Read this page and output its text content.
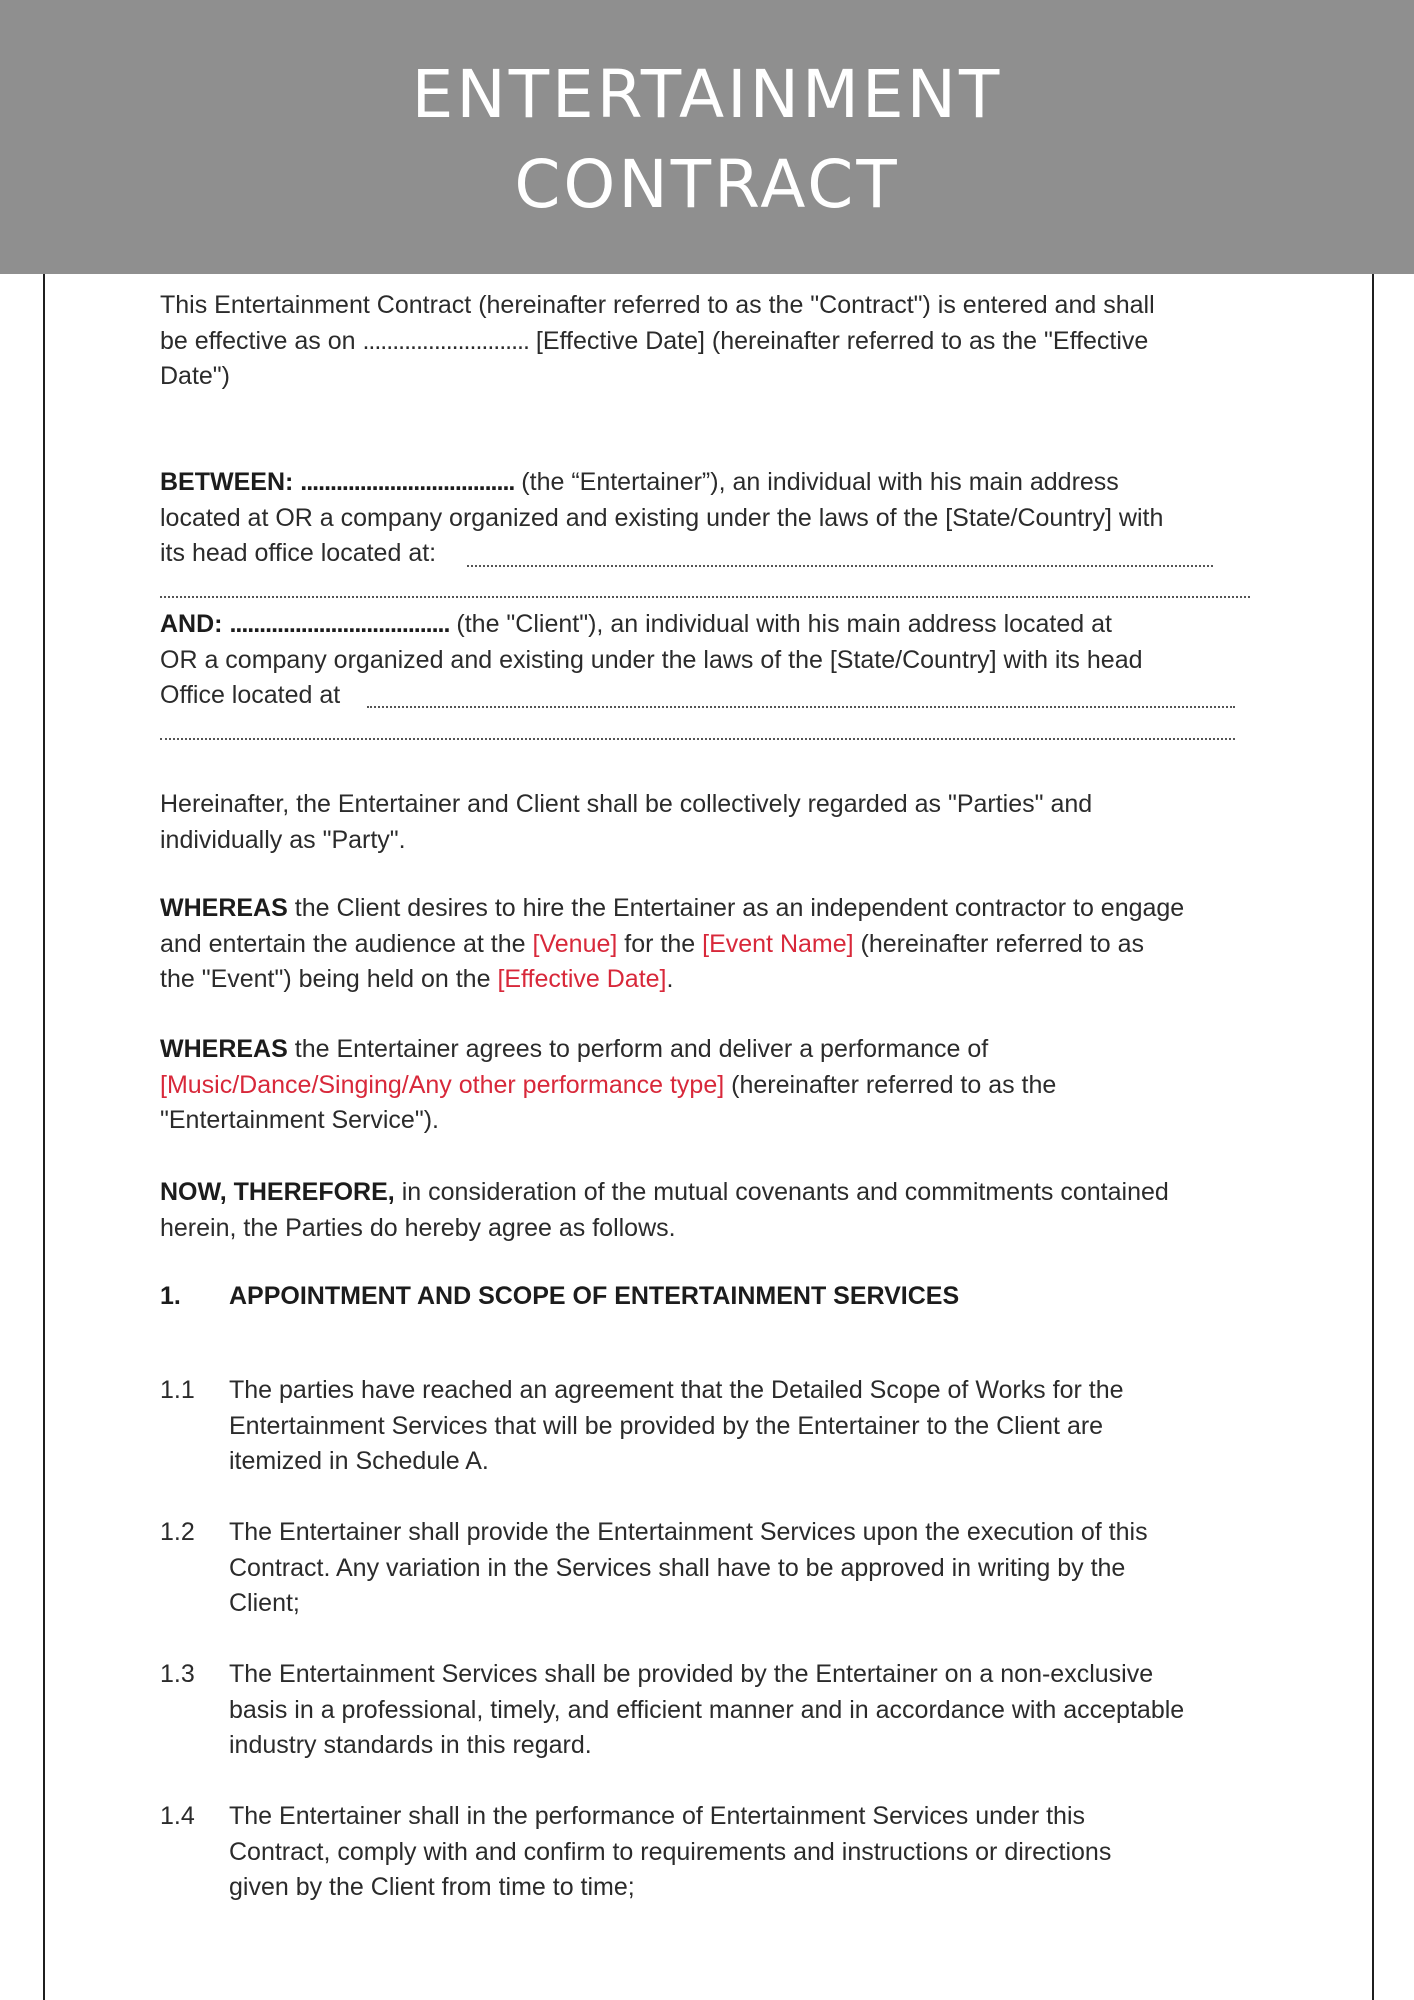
ENTERTAINMENT
CONTRACT
This Entertainment Contract (hereinafter referred to as the "Contract") is entered and shall
be effective as on ............................ [Effective Date] (hereinafter referred to as the "Effective
Date")
BETWEEN: .................................... (the “Entertainer”), an individual with his main address
located at OR a company organized and existing under the laws of the [State/Country] with
its head office located at:
AND: ..................................... (the "Client"), an individual with his main address located at
OR a company organized and existing under the laws of the [State/Country] with its head
Office located at
Hereinafter, the Entertainer and Client shall be collectively regarded as "Parties" and
individually as "Party".
WHEREAS the Client desires to hire the Entertainer as an independent contractor to engage
and entertain the audience at the [Venue] for the [Event Name] (hereinafter referred to as
the "Event") being held on the [Effective Date].
WHEREAS the Entertainer agrees to perform and deliver a performance of
[Music/Dance/Singing/Any other performance type] (hereinafter referred to as the
"Entertainment Service").
NOW, THEREFORE, in consideration of the mutual covenants and commitments contained
herein, the Parties do hereby agree as follows.
1. APPOINTMENT AND SCOPE OF ENTERTAINMENT SERVICES
1.1 The parties have reached an agreement that the Detailed Scope of Works for the
Entertainment Services that will be provided by the Entertainer to the Client are
itemized in Schedule A.
1.2 The Entertainer shall provide the Entertainment Services upon the execution of this
Contract. Any variation in the Services shall have to be approved in writing by the
Client;
1.3 The Entertainment Services shall be provided by the Entertainer on a non-exclusive
basis in a professional, timely, and efficient manner and in accordance with acceptable
industry standards in this regard.
1.4 The Entertainer shall in the performance of Entertainment Services under this
Contract, comply with and confirm to requirements and instructions or directions
given by the Client from time to time;
